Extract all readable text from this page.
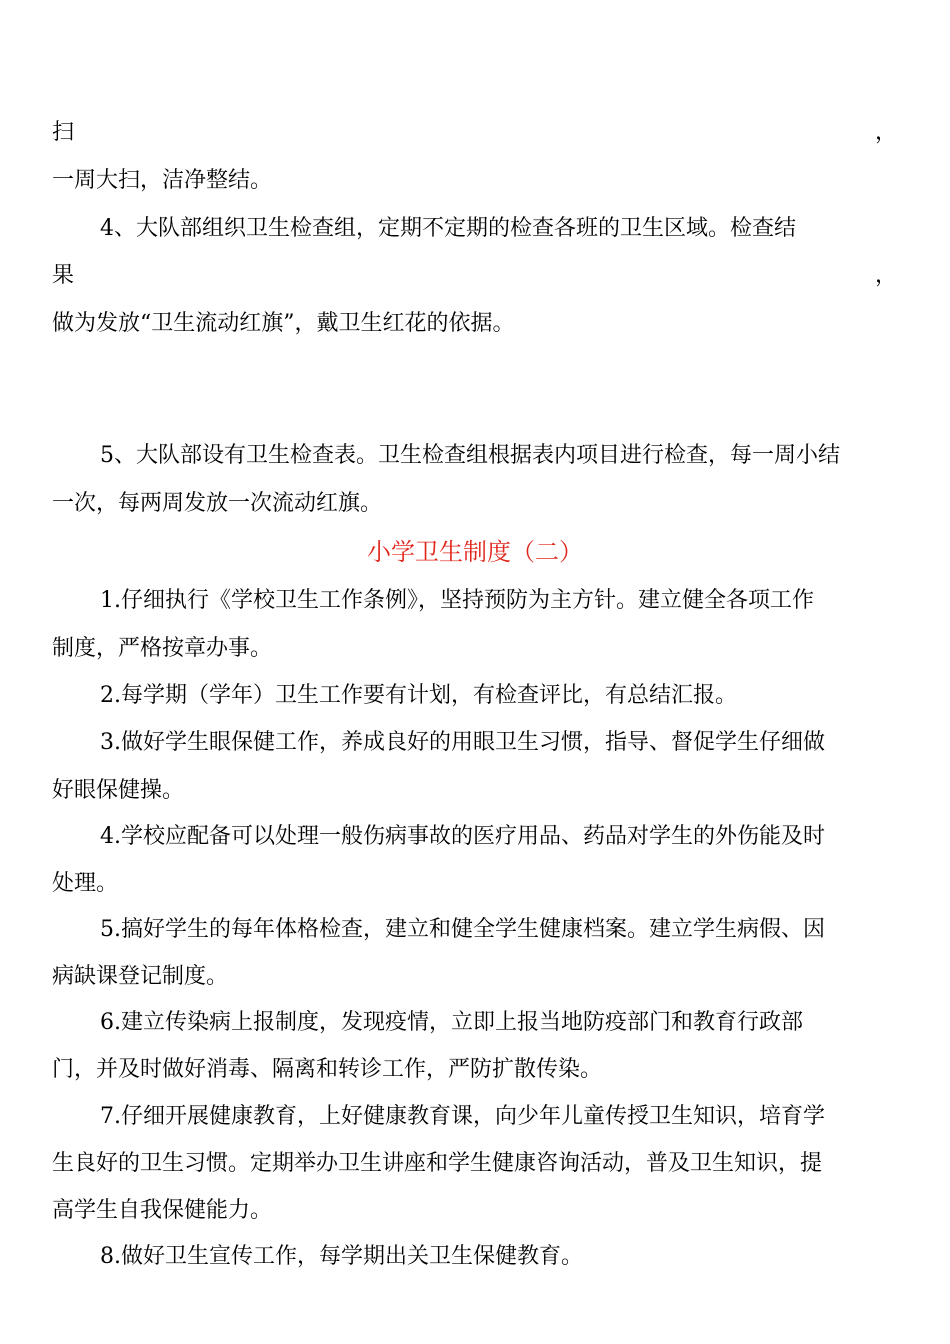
扫	，
一周大扫，洁净整结。
4、大队部组织卫生检查组，定期不定期的检查各班的卫生区域。检查结
果	，
做为发放“卫生流动红旗”，戴卫生红花的依据。
5、大队部设有卫生检查表。卫生检查组根据表内项目进行检查，每一周小结
一次，每两周发放一次流动红旗。
小学卫生制度（二）
1.仔细执行《学校卫生工作条例》，坚持预防为主方针。建立健全各项工作
制度，严格按章办事。
2.每学期（学年）卫生工作要有计划，有检查评比，有总结汇报。
3.做好学生眼保健工作，养成良好的用眼卫生习惯，指导、督促学生仔细做
好眼保健操。
4.学校应配备可以处理一般伤病事故的医疗用品、药品对学生的外伤能及时
处理。
5.搞好学生的每年体格检查，建立和健全学生健康档案。建立学生病假、因
病缺课登记制度。
6.建立传染病上报制度，发现疫情，立即上报当地防疫部门和教育行政部
门，并及时做好消毒、隔离和转诊工作，严防扩散传染。
7.仔细开展健康教育，上好健康教育课，向少年儿童传授卫生知识，培育学
生良好的卫生习惯。定期举办卫生讲座和学生健康咨询活动，普及卫生知识，提
高学生自我保健能力。
8.做好卫生宣传工作，每学期出关卫生保健教育。
